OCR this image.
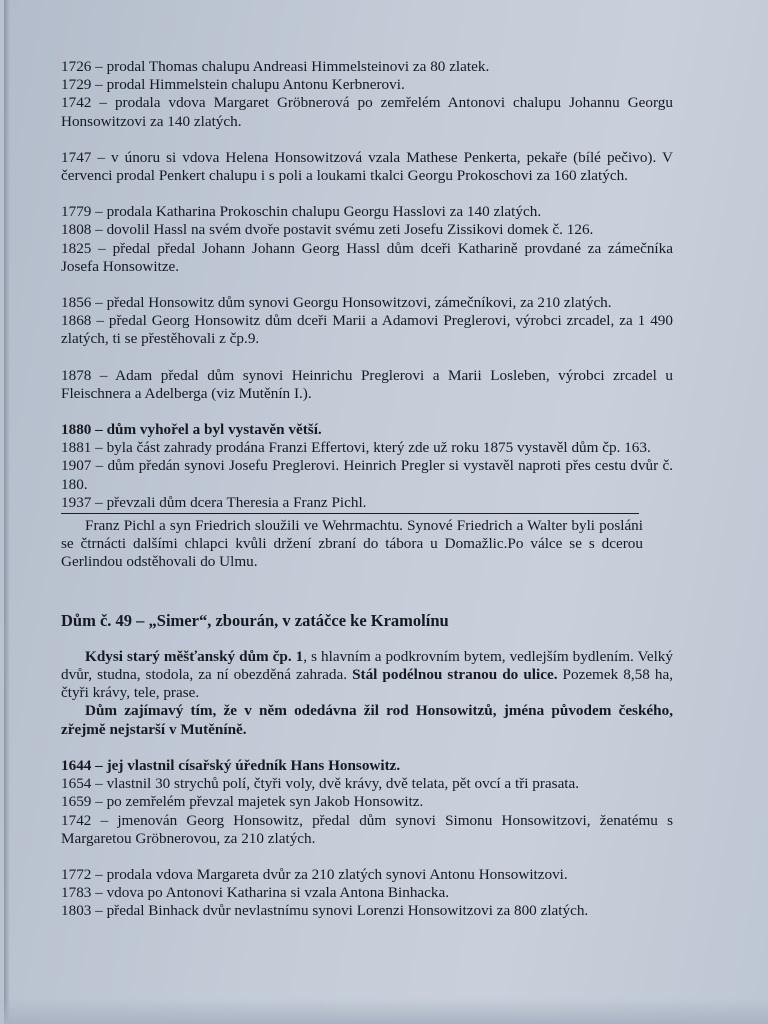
1726 – prodal Thomas chalupu Andreasi Himmelsteinovi za 80 zlatek.

1729 – prodal Himmelstein chalupu Antonu Kerbnerovi.

1742 – prodala vdova Margaret Gröbnerová po zemřelém Antonovi chalupu Johannu Georgu Honsowitzovi za 140 zlatých.

1747 – v únoru si vdova Helena Honsowitzová vzala Mathese Penkerta, pekaře (bílé pečivo). V červenci prodal Penkert chalupu i s poli a loukami tkalci Georgu Prokoschovi za 160 zlatých.

1779 – prodala Katharina Prokoschin chalupu Georgu Hasslovi za 140 zlatých.

1808 – dovolil Hassl na svém dvoře postavit svému zeti Josefu Zissikovi domek č. 126.

1825 – předal předal Johann Johann Georg Hassl dům dceři Katharině provdané za zámečníka Josefa Honsowitze.

1856 – předal Honsowitz dům synovi Georgu Honsowitzovi, zámečníkovi, za 210 zlatých.

1868 – předal Georg Honsowitz dům dceři Marii a Adamovi Preglerovi, výrobci zrcadel, za 1 490 zlatých, ti se přestěhovali z čp.9.

1878 – Adam předal dům synovi Heinrichu Preglerovi a Marii Losleben, výrobci zrcadel u Fleischnera a Adelberga (viz Mutěnín I.).

1880 – dům vyhořel a byl vystavěn větší.

1881 – byla část zahrady prodána Franzi Effertovi, který zde už roku 1875 vystavěl dům čp. 163.

1907 – dům předán synovi Josefu Preglerovi. Heinrich Pregler si vystavěl naproti přes cestu dvůr č. 180.

1937 – převzali dům dcera Theresia a Franz Pichl.

Franz Pichl a syn Friedrich sloužili ve Wehrmachtu. Synové Friedrich a Walter byli posláni se čtrnácti dalšími chlapci kvůli držení zbraní do tábora u Domažlic.Po válce se s dcerou Gerlindou odstěhovali do Ulmu.

Dům č. 49 – „Simer“, zbourán, v zatáčce ke Kramolínu

Kdysi starý měšťanský dům čp. 1, s hlavním a podkrovním bytem, vedlejším bydlením. Velký dvůr, studna, stodola, za ní obezděná zahrada. Stál podélnou stranou do ulice. Pozemek 8,58 ha, čtyři krávy, tele, prase.

Dům zajímavý tím, že v něm odedávna žil rod Honsowitzů, jména původem českého, zřejmě nejstarší v Mutěníně.

1644 – jej vlastnil císařský úředník Hans Honsowitz.

1654 – vlastnil 30 strychů polí, čtyři voly, dvě krávy, dvě telata, pět ovcí a tři prasata.

1659 – po zemřelém převzal majetek syn Jakob Honsowitz.

1742 – jmenován Georg Honsowitz, předal dům synovi Simonu Honsowitzovi, ženatému s Margaretou Gröbnerovou, za 210 zlatých.

1772 – prodala vdova Margareta dvůr za 210 zlatých synovi Antonu Honsowitzovi.

1783 – vdova po Antonovi Katharina si vzala Antona Binhacka.

1803 – předal Binhack dvůr nevlastnímu synovi Lorenzi Honsowitzovi za 800 zlatých.
